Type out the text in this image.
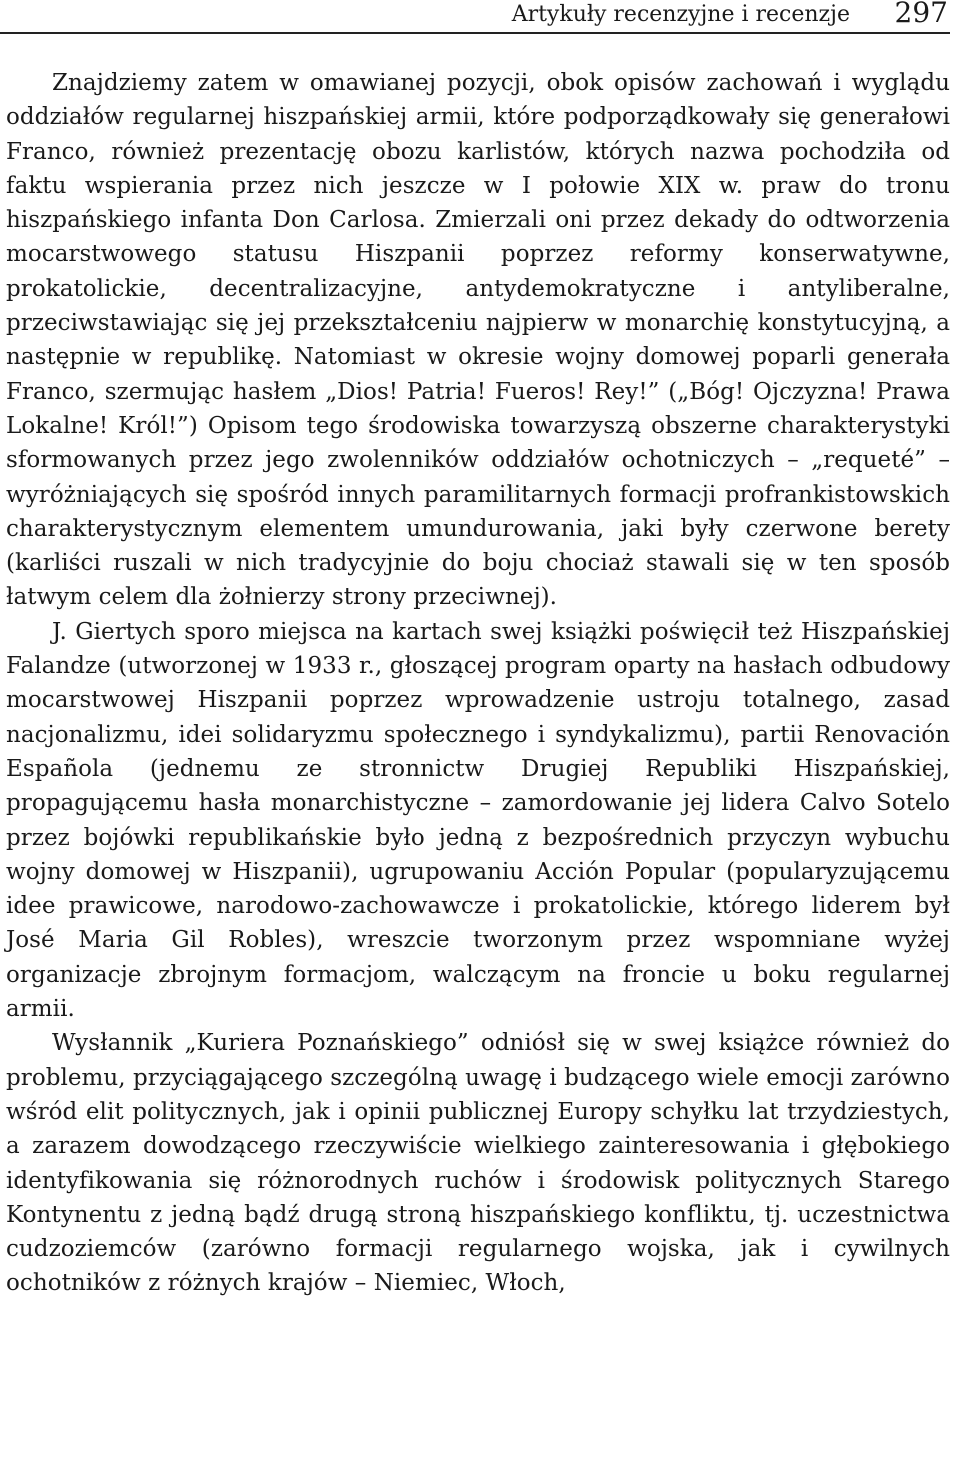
Artykuły recenzyjne i recenzje 297

Znajdziemy zatem w omawianej pozycji, obok opisów zachowań i wyglądu oddziałów regularnej hiszpańskiej armii, które podporządkowały się generałowi Franco, również prezentację obozu karlistów, których nazwa pochodziła od faktu wspierania przez nich jeszcze w I połowie XIX w. praw do tronu hiszpańskiego infanta Don Carlosa. Zmierzali oni przez dekady do odtworzenia mocarstwowego statusu Hiszpanii poprzez reformy konserwatywne, prokatolickie, decentralizacyjne, antydemokratyczne i antyliberalne, przeciwstawiając się jej przekształceniu najpierw w monarchię konstytucyjną, a następnie w republikę. Natomiast w okresie wojny domowej poparli generała Franco, szermując hasłem „Dios! Patria! Fueros! Rey!” („Bóg! Ojczyzna! Prawa Lokalne! Król!”) Opisom tego środowiska towarzyszą obszerne charakterystyki sformowanych przez jego zwolenników oddziałów ochotniczych – „requeté” – wyróżniających się spośród innych paramilitarnych formacji profrankistowskich charakterystycznym elementem umundurowania, jaki były czerwone berety (karliści ruszali w nich tradycyjnie do boju chociaż stawali się w ten sposób łatwym celem dla żołnierzy strony przeciwnej).

J. Giertych sporo miejsca na kartach swej książki poświęcił też Hiszpańskiej Falandze (utworzonej w 1933 r., głoszącej program oparty na hasłach odbudowy mocarstwowej Hiszpanii poprzez wprowadzenie ustroju totalnego, zasad nacjonalizmu, idei solidaryzmu społecznego i syndykalizmu), partii Renovación Española (jednemu ze stronnictw Drugiej Republiki Hiszpańskiej, propagującemu hasła monarchistyczne – zamordowanie jej lidera Calvo Sotelo przez bojówki republikańskie było jedną z bezpośrednich przyczyn wybuchu wojny domowej w Hiszpanii), ugrupowaniu Acción Popular (popularyzującemu idee prawicowe, narodowo-zachowawcze i prokatolickie, którego liderem był José Maria Gil Robles), wreszcie tworzonym przez wspomniane wyżej organizacje zbrojnym formacjom, walczącym na froncie u boku regularnej armii.

Wysłannik „Kuriera Poznańskiego” odniósł się w swej książce również do problemu, przyciągającego szczególną uwagę i budzącego wiele emocji zarówno wśród elit politycznych, jak i opinii publicznej Europy schyłku lat trzydziestych, a zarazem dowodzącego rzeczywiście wielkiego zainteresowania i głębokiego identyfikowania się różnorodnych ruchów i środowisk politycznych Starego Kontynentu z jedną bądź drugą stroną hiszpańskiego konfliktu, tj. uczestnictwa cudzoziemców (zarówno formacji regularnego wojska, jak i cywilnych ochotników z różnych krajów – Niemiec, Włoch,
